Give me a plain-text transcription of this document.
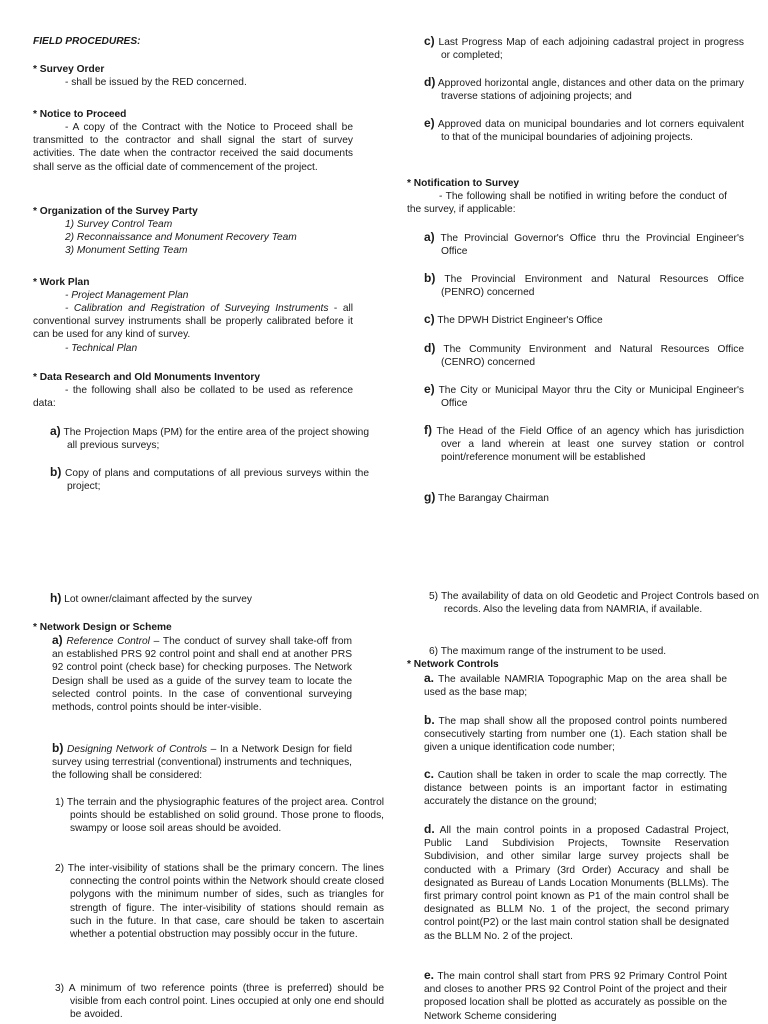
FIELD PROCEDURES:
* Survey Order
- shall be issued by the RED concerned.
* Notice to Proceed
- A copy of the Contract with the Notice to Proceed shall be transmitted to the contractor and shall signal the start of survey activities. The date when the contractor received the said documents shall serve as the official date of commencement of the project.
* Organization of the Survey Party
1) Survey Control Team
2) Reconnaissance and Monument Recovery Team
3) Monument Setting Team
* Work Plan
- Project Management Plan
- Calibration and Registration of Surveying Instruments - all conventional survey instruments shall be properly calibrated before it can be used for any kind of survey.
- Technical Plan
* Data Research and Old Monuments Inventory
- the following shall also be collated to be used as reference data:
a) The Projection Maps (PM) for the entire area of the project showing all previous surveys;
b) Copy of plans and computations of all previous surveys within the project;
c) Last Progress Map of each adjoining cadastral project in progress or completed;
d) Approved horizontal angle, distances and other data on the primary traverse stations of adjoining projects; and
e) Approved data on municipal boundaries and lot corners equivalent to that of the municipal boundaries of adjoining projects.
* Notification to Survey
- The following shall be notified in writing before the conduct of the survey, if applicable:
a) The Provincial Governor's Office thru the Provincial Engineer's Office
b) The Provincial Environment and Natural Resources Office (PENRO) concerned
c) The DPWH District Engineer's Office
d) The Community Environment and Natural Resources Office (CENRO) concerned
e) The City or Municipal Mayor thru the City or Municipal Engineer's Office
f) The Head of the Field Office of an agency which has jurisdiction over a land wherein at least one survey station or control point/reference monument will be established
g) The Barangay Chairman
h) Lot owner/claimant affected by the survey
* Network Design or Scheme
a) Reference Control – The conduct of survey shall take-off from an established PRS 92 control point and shall end at another PRS 92 control point (check base) for checking purposes. The Network Design shall be used as a guide of the survey team to locate the selected control points. In the case of conventional surveying methods, control points should be inter-visible.
b) Designing Network of Controls – In a Network Design for field survey using terrestrial (conventional) instruments and techniques, the following shall be considered:
1) The terrain and the physiographic features of the project area. Control points should be established on solid ground. Those prone to floods, swampy or loose soil areas should be avoided.
2) The inter-visibility of stations shall be the primary concern. The lines connecting the control points within the Network should create closed polygons with the minimum number of sides, such as triangles for strength of figure. The inter-visibility of stations should remain as such in the future. In that case, care should be taken to ascertain whether a potential obstruction may possibly occur in the future.
3) A minimum of two reference points (three is preferred) should be visible from each control point. Lines occupied at only one end should be avoided.
5) The availability of data on old Geodetic and Project Controls based on records. Also the leveling data from NAMRIA, if available.
6) The maximum range of the instrument to be used.
* Network Controls
a. The available NAMRIA Topographic Map on the area shall be used as the base map;
b. The map shall show all the proposed control points numbered consecutively starting from number one (1). Each station shall be given a unique identification code number;
c. Caution shall be taken in order to scale the map correctly. The distance between points is an important factor in estimating accurately the distance on the ground;
d. All the main control points in a proposed Cadastral Project, Public Land Subdivision Projects, Townsite Reservation Subdivision, and other similar large survey projects shall be conducted with a Primary (3rd Order) Accuracy and shall be designated as Bureau of Lands Location Monuments (BLLMs). The first primary control point known as P1 of the main control shall be designated as BLLM No. 1 of the project, the second primary control point(P2) or the last main control station shall be designated as the BLLM No. 2 of the project.
e. The main control shall start from PRS 92 Primary Control Point and closes to another PRS 92 Control Point of the project and their proposed location shall be plotted as accurately as possible on the Network Scheme considering
